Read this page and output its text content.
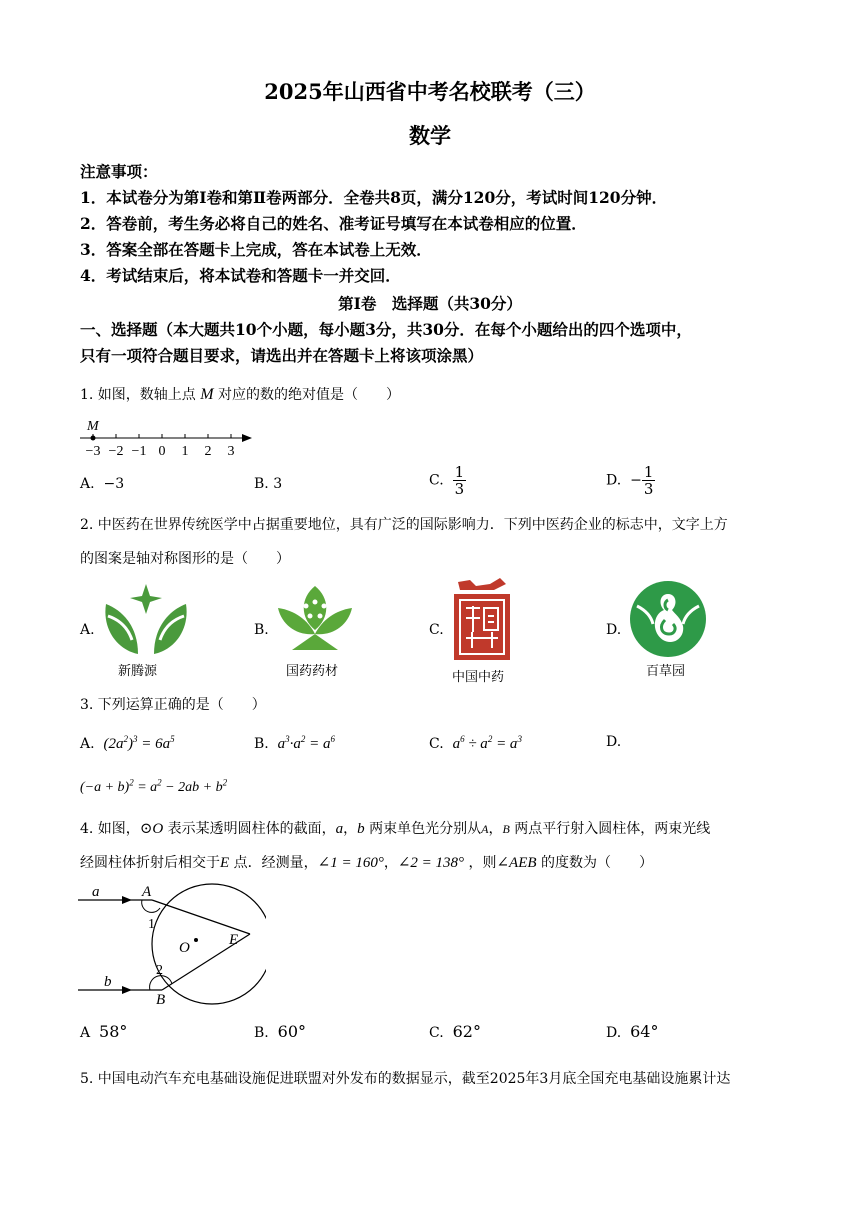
2025年山西省中考名校联考（三）
数学
注意事项：
1．本试卷分为第Ⅰ卷和第Ⅱ卷两部分．全卷共8页，满分120分，考试时间120分钟．
2．答卷前，考生务必将自己的姓名、准考证号填写在本试卷相应的位置．
3．答案全部在答题卡上完成，答在本试卷上无效．
4．考试结束后，将本试卷和答题卡一并交回．
第Ⅰ卷　选择题（共30分）
一、选择题（本大题共10个小题，每小题3分，共30分．在每个小题给出的四个选项中，
只有一项符合题目要求，请选出并在答题卡上将该项涂黑）
1. 如图，数轴上点 M 对应的数的绝对值是（　　）
M
−3 −2 −1 0 1 2 3
A. −3	B. 3	C. $\frac{1}{3}$	D. − $\frac{1}{3}$
2. 中医药在世界传统医学中占据重要地位，具有广泛的国际影响力．下列中医药企业的标志中，文字上方
的图案是轴对称图形的是（　　）
A.
新腾源
B.
国药药材
C.
中国中药
D.
百草园
3. 下列运算正确的是（　　）
A. $(2a^2)^3 = 6a^5$	B. $a^3\cdot a^2 = a^6$	C. $a^6 \div a^2 = a^3$	D.
$(-a + b)^2 = a^2 - 2ab + b^2$
4. 如图，⊙O 表示某透明圆柱体的截面，a，b 两束单色光分别从A，B 两点平行射入圆柱体，两束光线
经圆柱体折射后相交于E 点．经测量，∠1 = 160°，∠2 = 138° ，则∠AEB 的度数为（　　）
A
a
1
O	E
2
b
B
A 58°	B. 60°	C. 62°	D. 64°
5. 中国电动汽车充电基础设施促进联盟对外发布的数据显示，截至2025年3月底全国充电基础设施累计达
